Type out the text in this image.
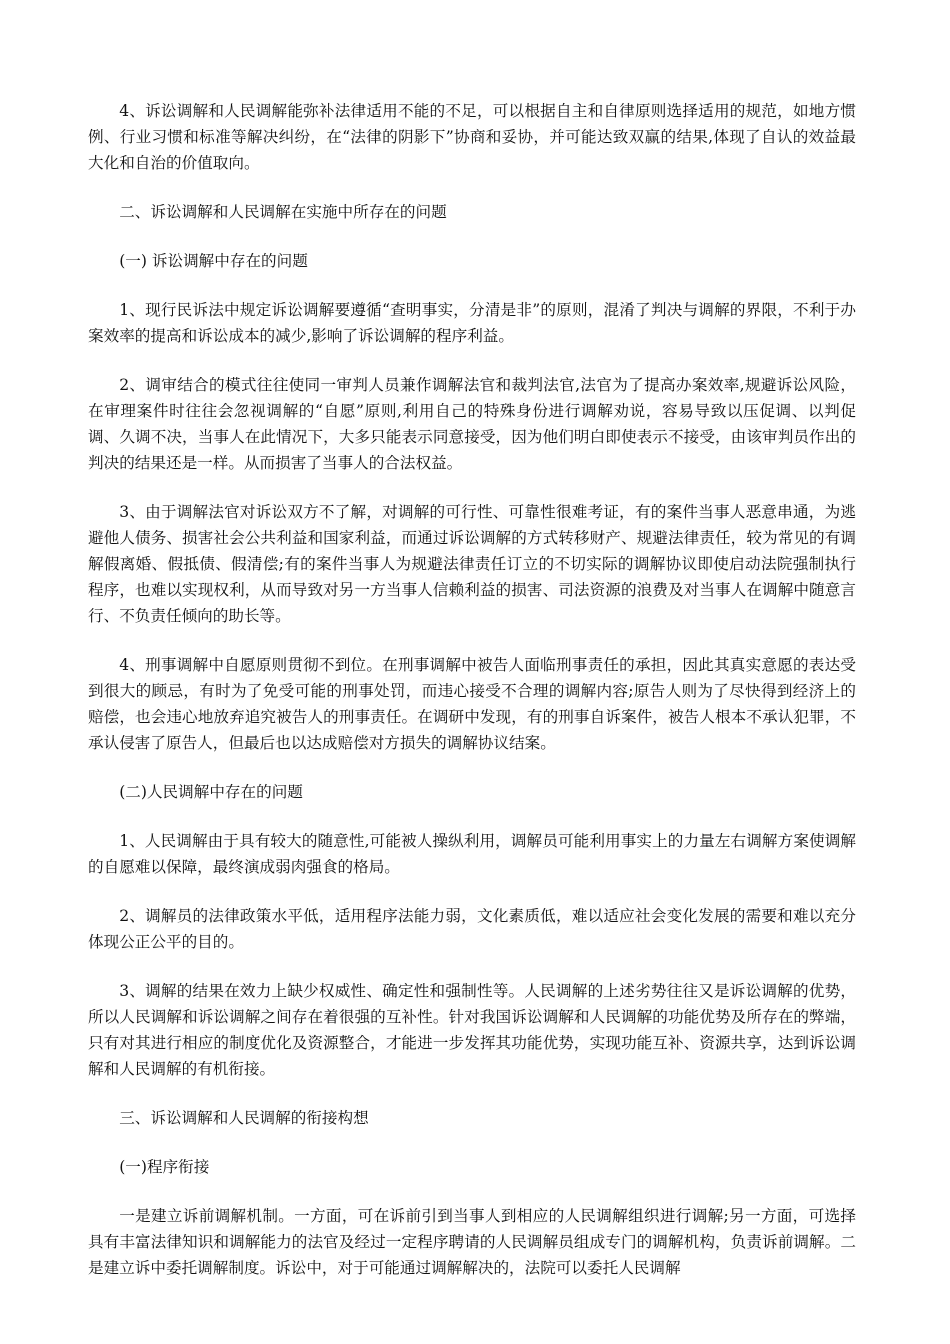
4、诉讼调解和人民调解能弥补法律适用不能的不足，可以根据自主和自律原则选择适用的规范，如地方惯例、行业习惯和标准等解决纠纷，在“法律的阴影下”协商和妥协，并可能达致双赢的结果,体现了自认的效益最大化和自治的价值取向。

二、诉讼调解和人民调解在实施中所存在的问题

(一) 诉讼调解中存在的问题

1、现行民诉法中规定诉讼调解要遵循“查明事实，分清是非”的原则，混淆了判决与调解的界限，不利于办案效率的提高和诉讼成本的减少,影响了诉讼调解的程序利益。

2、调审结合的模式往往使同一审判人员兼作调解法官和裁判法官,法官为了提高办案效率,规避诉讼风险，在审理案件时往往会忽视调解的“自愿”原则,利用自己的特殊身份进行调解劝说，容易导致以压促调、以判促调、久调不决，当事人在此情况下，大多只能表示同意接受，因为他们明白即使表示不接受，由该审判员作出的判决的结果还是一样。从而损害了当事人的合法权益。

3、由于调解法官对诉讼双方不了解，对调解的可行性、可靠性很难考证，有的案件当事人恶意串通，为逃避他人债务、损害社会公共利益和国家利益，而通过诉讼调解的方式转移财产、规避法律责任，较为常见的有调解假离婚、假抵债、假清偿;有的案件当事人为规避法律责任订立的不切实际的调解协议即使启动法院强制执行程序，也难以实现权利，从而导致对另一方当事人信赖利益的损害、司法资源的浪费及对当事人在调解中随意言行、不负责任倾向的助长等。

4、刑事调解中自愿原则贯彻不到位。在刑事调解中被告人面临刑事责任的承担，因此其真实意愿的表达受到很大的顾忌，有时为了免受可能的刑事处罚，而违心接受不合理的调解内容;原告人则为了尽快得到经济上的赔偿，也会违心地放弃追究被告人的刑事责任。在调研中发现，有的刑事自诉案件，被告人根本不承认犯罪，不承认侵害了原告人，但最后也以达成赔偿对方损失的调解协议结案。

(二)人民调解中存在的问题

1、人民调解由于具有较大的随意性,可能被人操纵利用，调解员可能利用事实上的力量左右调解方案使调解的自愿难以保障，最终演成弱肉强食的格局。

2、调解员的法律政策水平低，适用程序法能力弱，文化素质低，难以适应社会变化发展的需要和难以充分体现公正公平的目的。

3、调解的结果在效力上缺少权威性、确定性和强制性等。人民调解的上述劣势往往又是诉讼调解的优势，所以人民调解和诉讼调解之间存在着很强的互补性。针对我国诉讼调解和人民调解的功能优势及所存在的弊端，只有对其进行相应的制度优化及资源整合，才能进一步发挥其功能优势，实现功能互补、资源共享，达到诉讼调解和人民调解的有机衔接。

三、诉讼调解和人民调解的衔接构想

(一)程序衔接

一是建立诉前调解机制。一方面，可在诉前引到当事人到相应的人民调解组织进行调解;另一方面，可选择具有丰富法律知识和调解能力的法官及经过一定程序聘请的人民调解员组成专门的调解机构，负责诉前调解。二是建立诉中委托调解制度。诉讼中，对于可能通过调解解决的，法院可以委托人民调解
